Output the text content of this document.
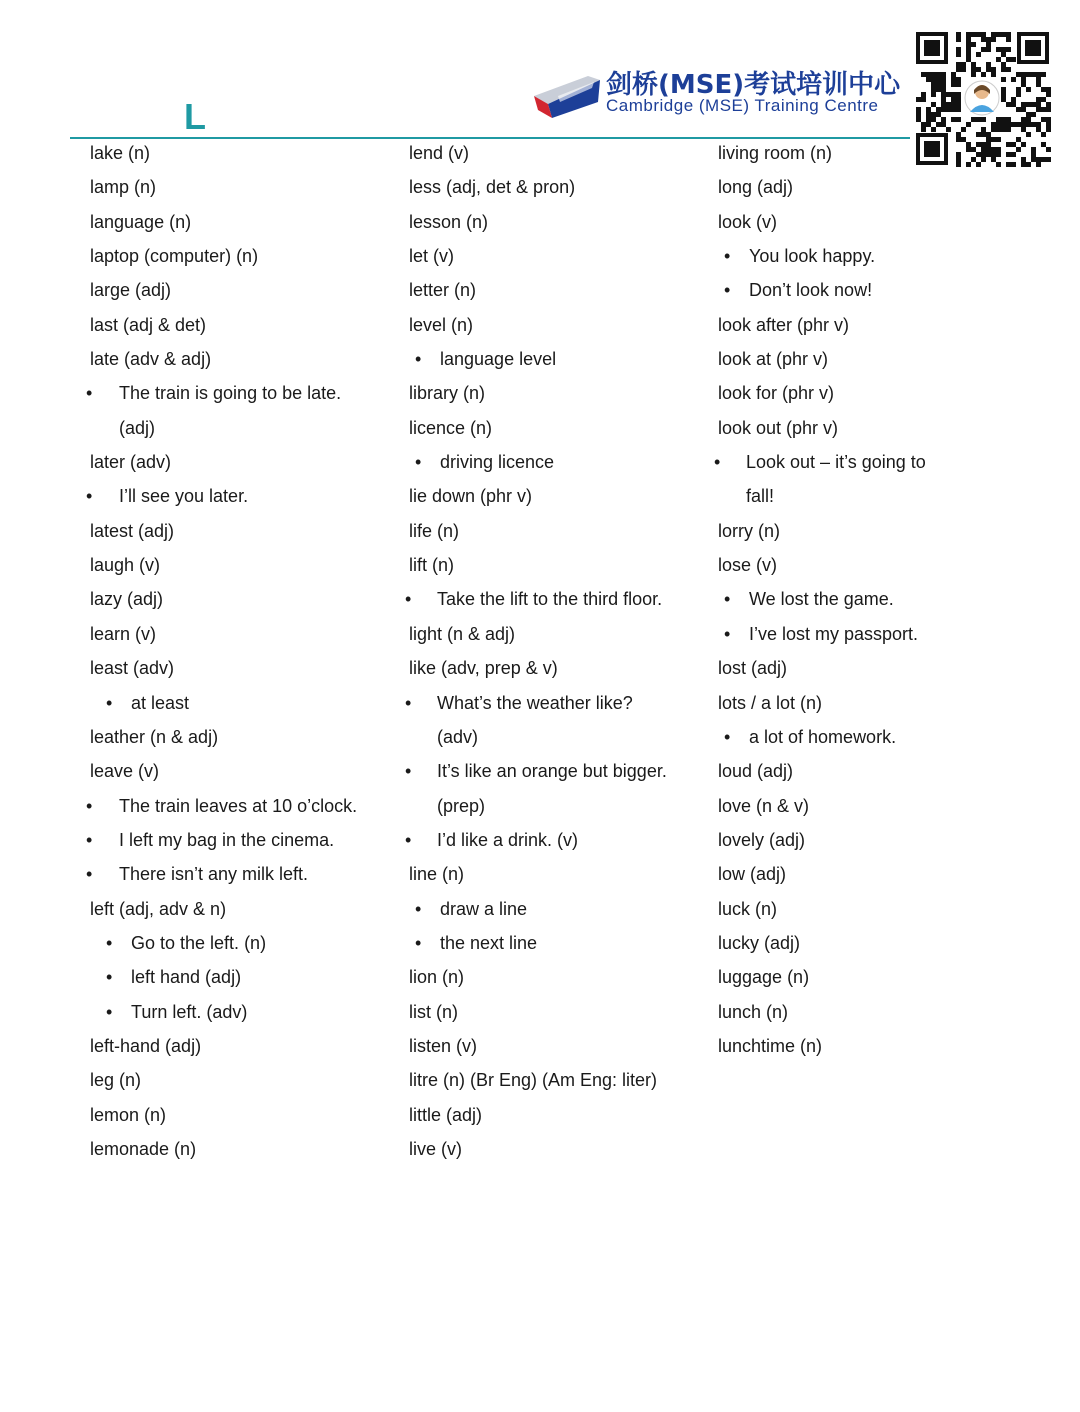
L
剑桥(MSE)考试培训中心
Cambridge (MSE) Training Centre
lake (n)
lamp (n)
language (n)
laptop (computer) (n)
large (adj)
last (adj & det)
late (adv & adj)
• The train is going to be late.
(adj)
later (adv)
• I’ll see you later.
latest (adj)
laugh (v)
lazy (adj)
learn (v)
least (adv)
• at least
leather (n & adj)
leave (v)
• The train leaves at 10 o’clock.
• I left my bag in the cinema.
• There isn’t any milk left.
left (adj, adv & n)
• Go to the left. (n)
• left hand (adj)
• Turn left. (adv)
left-hand (adj)
leg (n)
lemon (n)
lemonade (n)
lend (v)
less (adj, det & pron)
lesson (n)
let (v)
letter (n)
level (n)
• language level
library (n)
licence (n)
• driving licence
lie down (phr v)
life (n)
lift (n)
• Take the lift to the third floor.
light (n & adj)
like (adv, prep & v)
• What’s the weather like?
(adv)
• It’s like an orange but bigger.
(prep)
• I’d like a drink. (v)
line (n)
• draw a line
• the next line
lion (n)
list (n)
listen (v)
litre (n) (Br Eng) (Am Eng: liter)
little (adj)
live (v)
living room (n)
long (adj)
look (v)
• You look happy.
• Don’t look now!
look after (phr v)
look at (phr v)
look for (phr v)
look out (phr v)
• Look out – it’s going to
fall!
lorry (n)
lose (v)
• We lost the game.
• I’ve lost my passport.
lost (adj)
lots / a lot (n)
• a lot of homework.
loud (adj)
love (n & v)
lovely (adj)
low (adj)
luck (n)
lucky (adj)
luggage (n)
lunch (n)
lunchtime (n)
